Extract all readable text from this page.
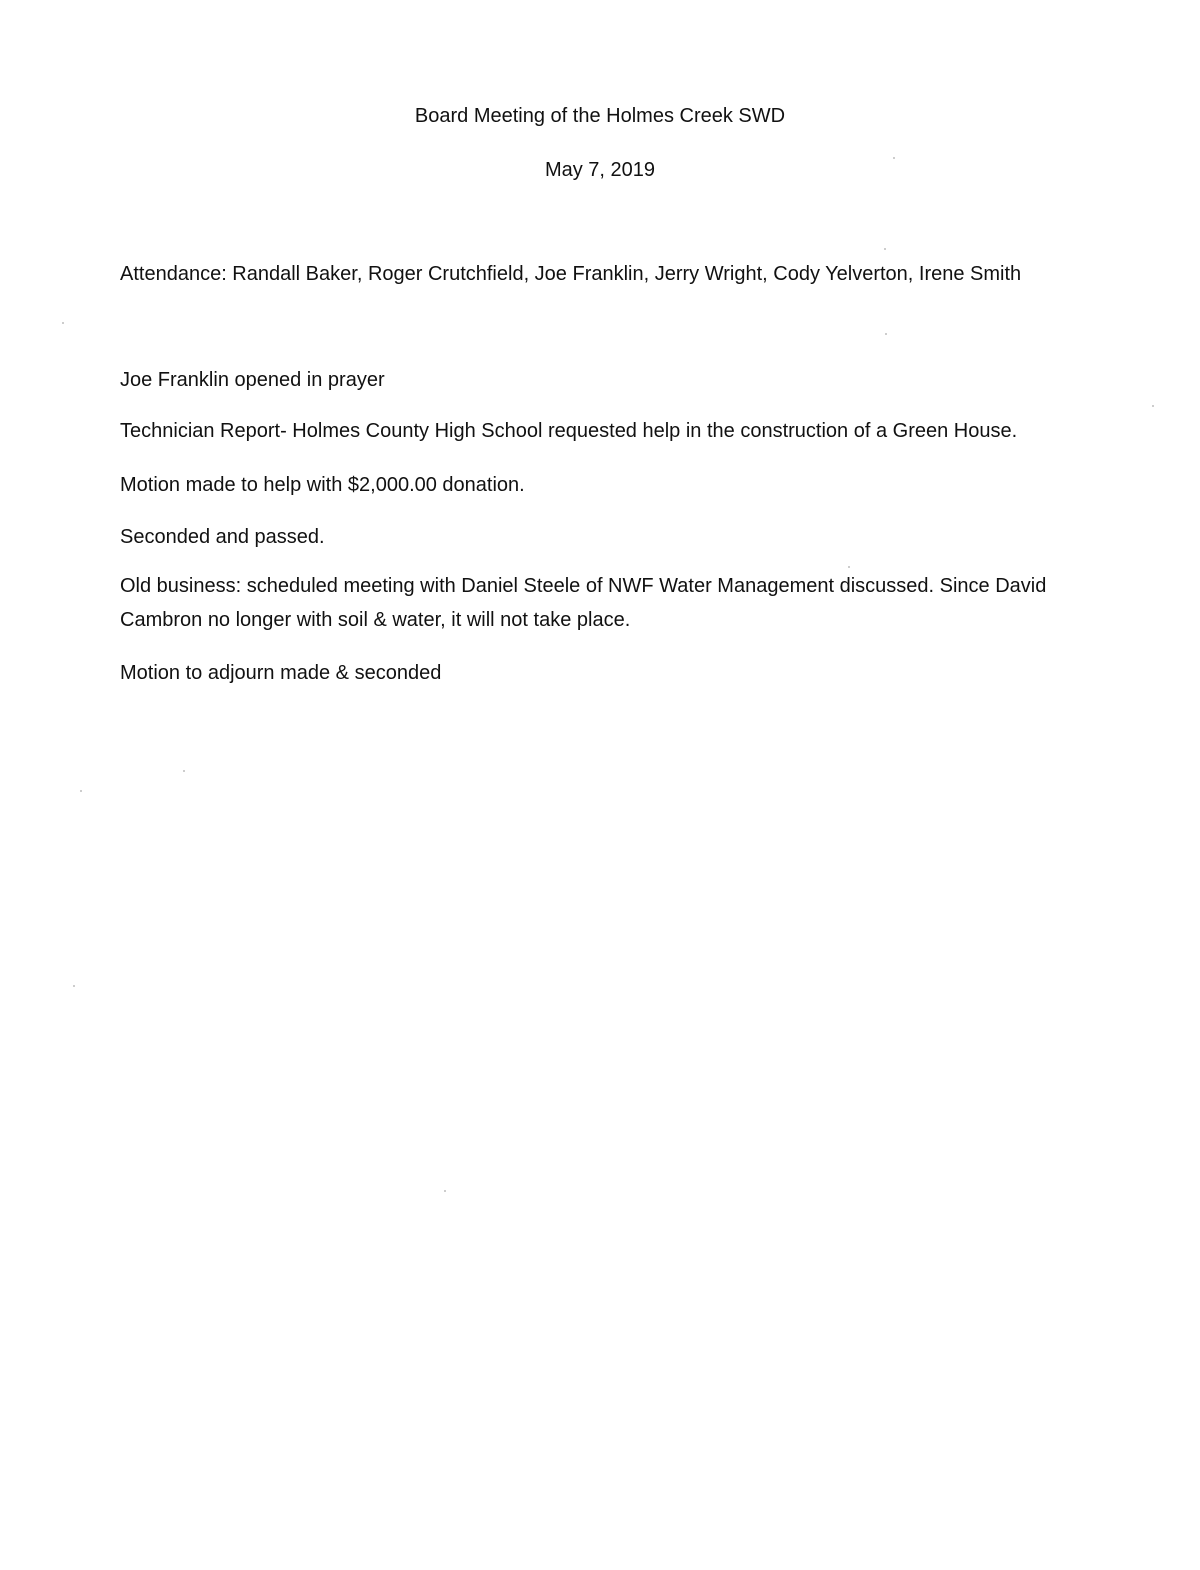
Board Meeting of the Holmes Creek SWD
May 7, 2019
Attendance: Randall Baker, Roger Crutchfield, Joe Franklin, Jerry Wright, Cody Yelverton, Irene Smith
Joe Franklin opened in prayer
Technician Report- Holmes County High School requested help in the construction of a Green House.
Motion made to help with $2,000.00 donation.
Seconded and passed.
Old business: scheduled meeting with Daniel Steele of NWF Water Management discussed. Since David
Cambron no longer with soil & water, it will not take place.
Motion to adjourn made & seconded
